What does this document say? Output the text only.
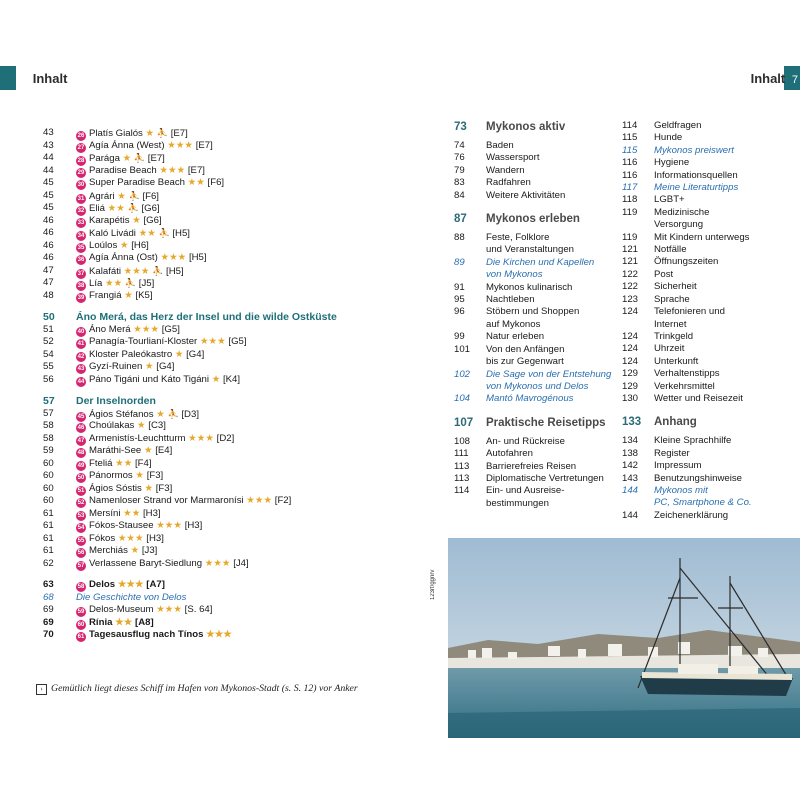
6 Inhalt	Inhalt 7
43	26 Platís Gialós ★ ⛹ [E7]
43	27 Agía Ánna (West) ★★★ [E7]
44	28 Parága ★ ⛹ [E7]
44	29 Paradise Beach ★★★ [E7]
45	30 Super Paradise Beach ★★ [F6]
45	31 Agrári ★ ⛹ [F6]
45	32 Eliá ★★ ⛹ [G6]
46	33 Karapétis ★ [G6]
46	34 Kaló Livádi ★★ ⛹ [H5]
46	35 Loúlos ★ [H6]
46	36 Agía Ánna (Ost) ★★★ [H5]
47	37 Kalafáti ★★★ ⛹ [H5]
47	38 Lía ★★ ⛹ [J5]
48	39 Frangiá ★ [K5]
50	Áno Merá, das Herz der Insel und die wilde Ostküste
51	40 Áno Merá ★★★ [G5]
52	41 Panagía-Tourlianí-Kloster ★★★ [G5]
54	42 Kloster Paleókastro ★ [G4]
55	43 Gyzí-Ruinen ★ [G4]
56	44 Páno Tigáni und Káto Tigáni ★ [K4]
57	Der Inselnorden
57	45 Ágios Stéfanos ★ ⛹ [D3]
58	46 Choúlakas ★ [C3]
58	47 Armenistís-Leuchtturm ★★★ [D2]
59	48 Maráthi-See ★ [E4]
60	49 Fteliá ★★ [F4]
60	50 Pánormos ★ [F3]
60	51 Ágios Sóstis ★ [F3]
60	52 Namenloser Strand vor Marmaronísi ★★★ [F2]
61	53 Mersíni ★★ [H3]
61	54 Fókos-Stausee ★★★ [H3]
61	55 Fókos ★★★ [H3]
61	56 Merchiás ★ [J3]
62	57 Verlassene Baryt-Siedlung ★★★ [J4]
63	58 Delos ★★★ [A7]
68	Die Geschichte von Delos
69	59 Delos-Museum ★★★ [S. 64]
69	60 Rínia ★★ [A8]
70	61 Tagesausflug nach Tínos ★★★
› Gemütlich liegt dieses Schiff im Hafen von Mykonos-Stadt (s. S. 12) vor Anker
73	Mykonos aktiv
74	Baden
76	Wassersport
79	Wandern
83	Radfahren
84	Weitere Aktivitäten
87	Mykonos erleben
88	Feste, Folklore
und Veranstaltungen
89	Die Kirchen und Kapellen
von Mykonos
91	Mykonos kulinarisch
95	Nachtleben
96	Stöbern und Shoppen
auf Mykonos
99	Natur erleben
101	Von den Anfängen
bis zur Gegenwart
102	Die Sage von der Entstehung
von Mykonos und Delos
104	Mantó Mavrogénous
107	Praktische Reisetipps
108	An- und Rückreise
111	Autofahren
113	Barrierefreies Reisen
113	Diplomatische Vertretungen
114	Ein- und Ausreise-
bestimmungen
114	Geldfragen
115	Hunde
115	Mykonos preiswert
116	Hygiene
116	Informationsquellen
117	Meine Literaturtipps
118	LGBT+
119	Medizinische
Versorgung
119	Mit Kindern unterwegs
121	Notfälle
121	Öffnungszeiten
122	Post
122	Sicherheit
123	Sprache
124	Telefonieren und
Internet
124	Trinkgeld
124	Uhrzeit
124	Unterkunft
129	Verhaltenstipps
129	Verkehrsmittel
130	Wetter und Reisezeit
133	Anhang
134	Kleine Sprachhilfe
138	Register
142	Impressum
143	Benutzungshinweise
144	Mykonos mit
PC, Smartphone & Co.
144	Zeichenerklärung
123rf/ggnrv
